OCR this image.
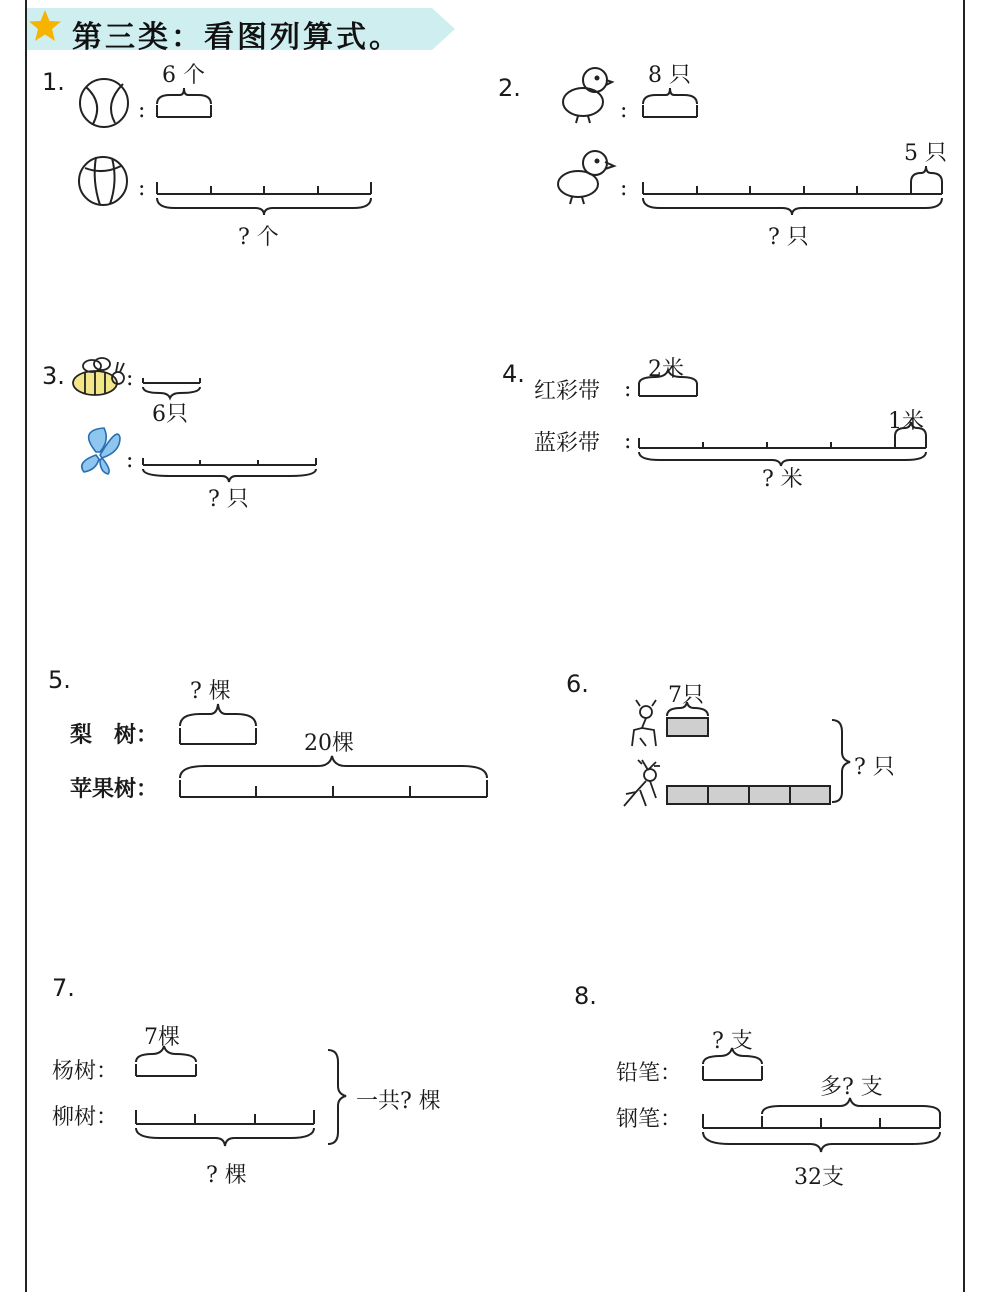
第三类：看图列算式。
1.
:
:
6 个
? 个
2.
:
:
8 只
5 只
? 只
3.	:
:
6只
? 只
4.
红彩带
蓝彩带
:
:
2米
1米
? 米
5.
梨　树：
苹果树：
? 棵
20棵
6.	7只
? 只
7.
杨树：
柳树：
7棵
? 棵
一共? 棵
8.
铅笔：
钢笔：
? 支
多? 支
32支
